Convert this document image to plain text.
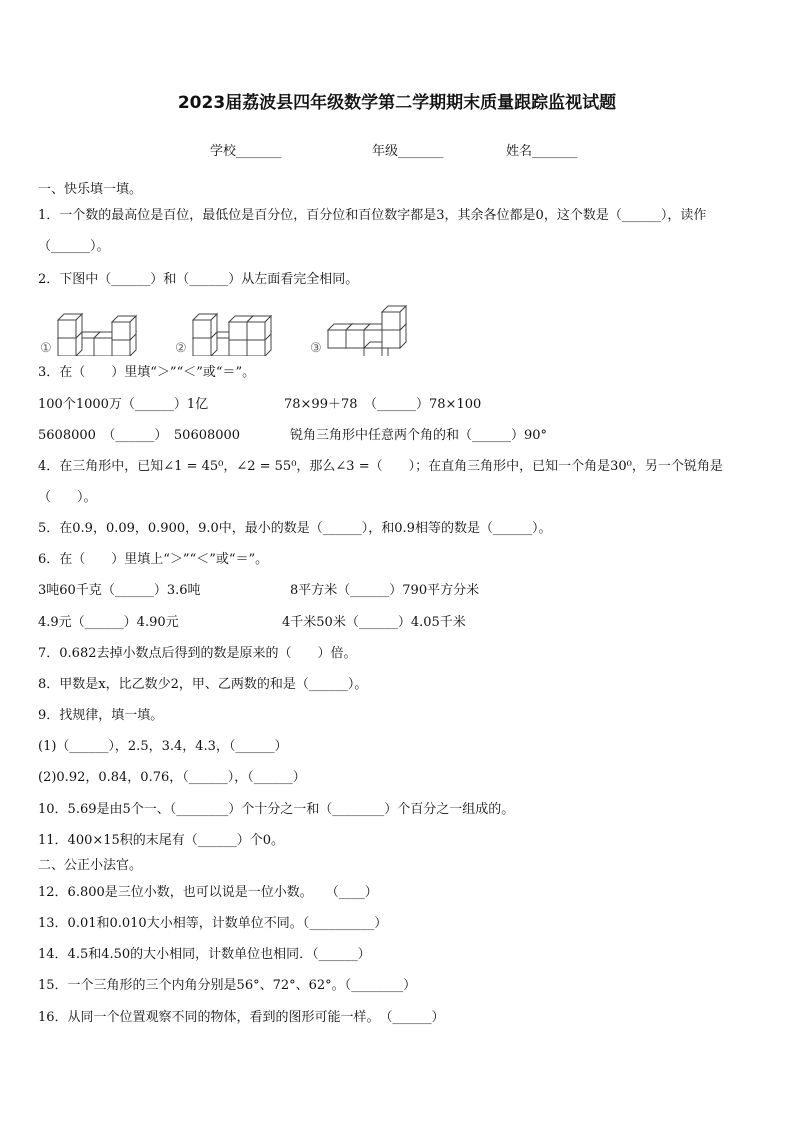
2023届荔波县四年级数学第二学期期末质量跟踪监视试题
学校_______	年级_______	姓名_______
一、快乐填一填。
1．一个数的最高位是百位，最低位是百分位，百分位和百位数字都是3，其余各位都是0，这个数是（______），读作
（______）。
2．下图中（______）和（______）从左面看完全相同。
①	②	③
3．在（　　）里填“＞”“＜”或“＝”。
100个1000万（______）1亿	78×99＋78　（______）78×100
5608000　（______）　50608000	锐角三角形中任意两个角的和（______）90°
4．在三角形中，已知∠1 = 45⁰，∠2 = 55⁰，那么∠3 =（　　）；在直角三角形中，已知一个角是30⁰，另一个锐角是
（　　）。
5．在0.9，0.09，0.900，9.0中，最小的数是（______），和0.9相等的数是（______）。
6．在（　　）里填上“＞”“＜”或“＝”。
3吨60千克（______）3.6吨	8平方米（______）790平方分米
4.9元（______）4.90元	4千米50米（______）4.05千米
7．0.682去掉小数点后得到的数是原来的（　　）倍。
8．甲数是x，比乙数少2，甲、乙两数的和是（______）。
9．找规律，填一填。
(1)（______），2.5，3.4，4.3，（______）
(2)0.92，0.84，0.76，（______），（______）
10．5.69是由5个一、（________）个十分之一和（________）个百分之一组成的。
11．400×15积的末尾有（______）个0。
二、公正小法官。
12．6.800是三位小数，也可以说是一位小数。　　（____）
13．0.01和0.010大小相等，计数单位不同。（__________）
14．4.5和4.50的大小相同，计数单位也相同．（______）
15．一个三角形的三个内角分别是56°、72°、62°。（________）
16．从同一个位置观察不同的物体，看到的图形可能一样。　（______）
